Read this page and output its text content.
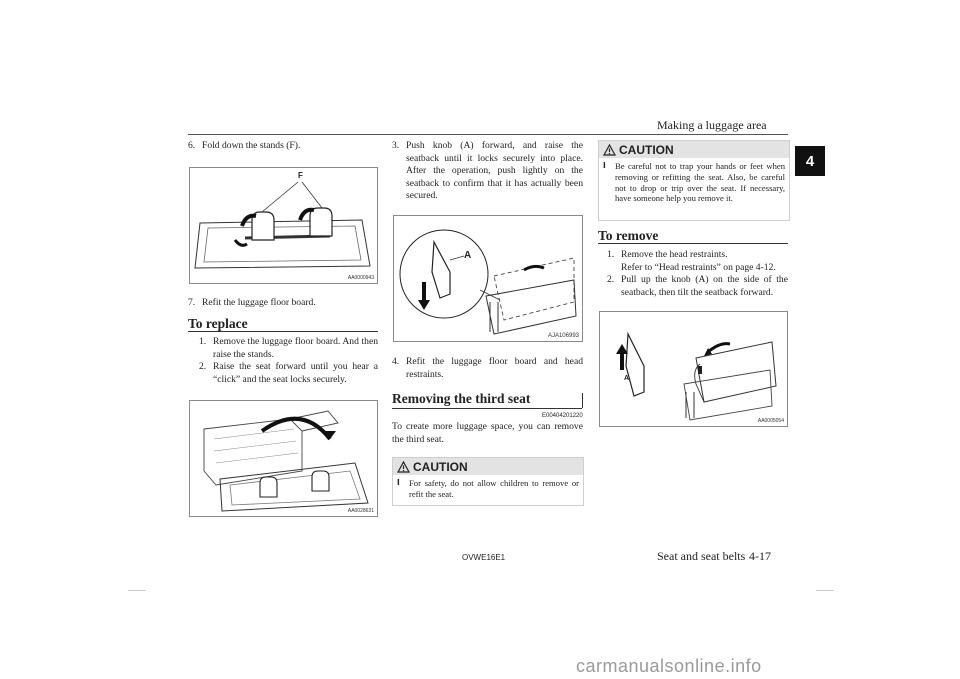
Making a luggage area
4
6. Fold down the stands (F).
F
AA0000943
7. Refit the luggage floor board.
To replace
1. Remove the luggage floor board. And then raise the stands.
2. Raise the seat forward until you hear a “click” and the seat locks securely.
AA0028631
3. Push knob (A) forward, and raise the seatback until it locks securely into place. After the operation, push lightly on the seatback to confirm that it has actually been secured.
A
AJA106993
4. Refit the luggage floor board and head restraints.
Removing the third seat
E00404201220
To create more luggage space, you can remove the third seat.
CAUTION
l	For safety, do not allow children to remove or refit the seat.
CAUTION
l	Be careful not to trap your hands or feet when removing or refitting the seat. Also, be careful not to drop or trip over the seat. If necessary, have someone help you remove it.
To remove
1. Remove the head restraints.
Refer to “Head restraints” on page 4-12.
2. Pull up the knob (A) on the side of the seatback, then tilt the seatback forward.
A
AA0005054
OVWE16E1	Seat and seat belts 4-17
carmanualsonline.info
